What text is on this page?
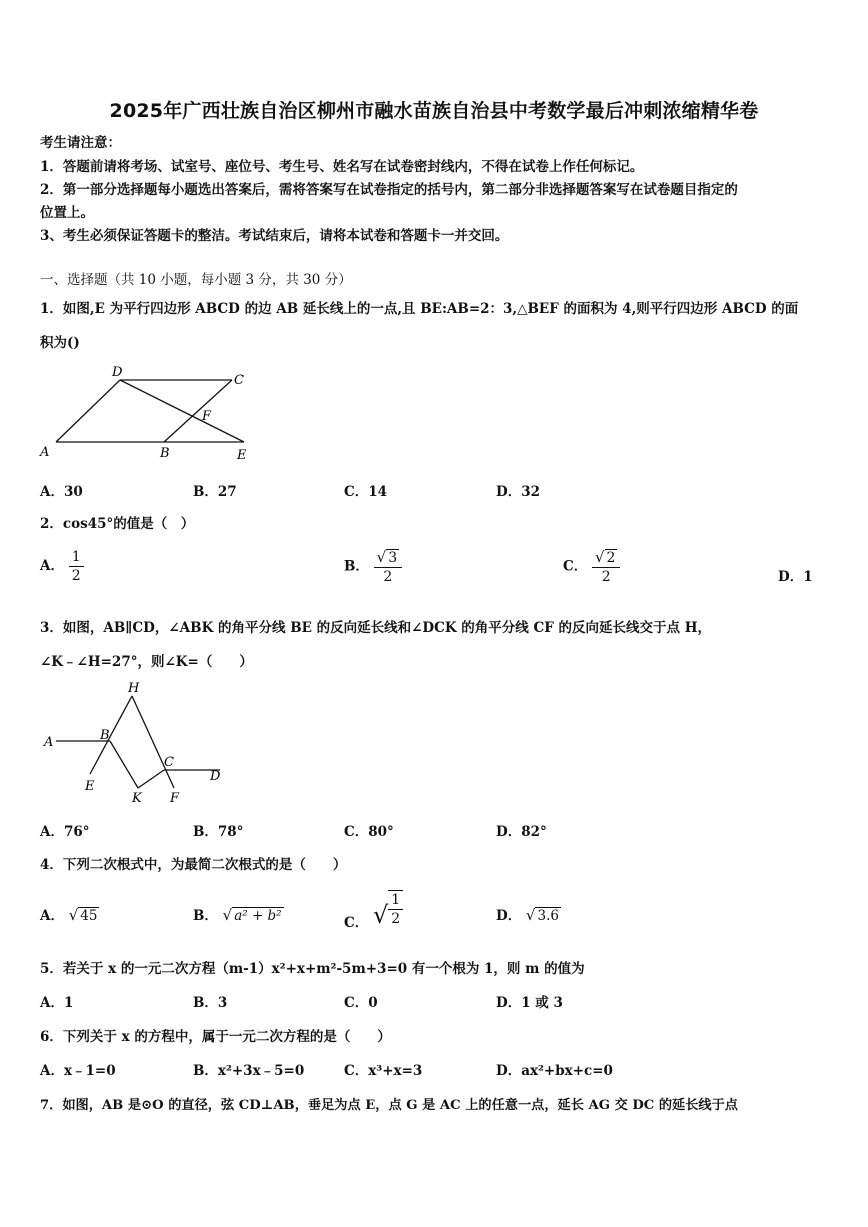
2025年广西壮族自治区柳州市融水苗族自治县中考数学最后冲刺浓缩精华卷
考生请注意：
1．答题前请将考场、试室号、座位号、考生号、姓名写在试卷密封线内，不得在试卷上作任何标记。
2．第一部分选择题每小题选出答案后，需将答案写在试卷指定的括号内，第二部分非选择题答案写在试卷题目指定的
位置上。
3、考生必须保证答题卡的整洁。考试结束后，请将本试卷和答题卡一并交回。
一、选择题（共 10 小题，每小题 3 分，共 30 分）
1．如图,E 为平行四边形 ABCD 的边 AB 延长线上的一点,且 BE:AB=2：3,△BEF 的面积为 4,则平行四边形 ABCD 的面
积为()
A	B
C
D
E
F
A．30	B．27	C．14	D．32
2．cos45°的值是（　）
A． $\frac{1}{2}$	B． $\frac{√ 3}{2}$	C． $\frac{√ 2}{2}$	D．1
3．如图，AB∥CD，∠ABK 的角平分线 BE 的反向延长线和∠DCK 的角平分线 CF 的反向延长线交于点 H，
∠K﹣∠H=27°，则∠K=（　　）
A	B
C
D
E
F
H
K
A．76°	B．78°	C．80°	D．82°
4．下列二次根式中，为最简二次根式的是（　　）
A． √ 45	B． √ a² + b²	C． √ $\frac{1}{2}$	D． √ 3.6
5．若关于 x 的一元二次方程（m-1）x²+x+m²-5m+3=0 有一个根为 1，则 m 的值为
A．1	B．3	C．0	D．1 或 3
6．下列关于 x 的方程中，属于一元二次方程的是（　　）
A．x﹣1=0	B．x²+3x﹣5=0	C．x³+x=3	D．ax²+bx+c=0
7．如图，AB 是⊙O 的直径，弦 CD⊥AB，垂足为点 E，点 G 是 AC 上的任意一点，延长 AG 交 DC 的延长线于点
